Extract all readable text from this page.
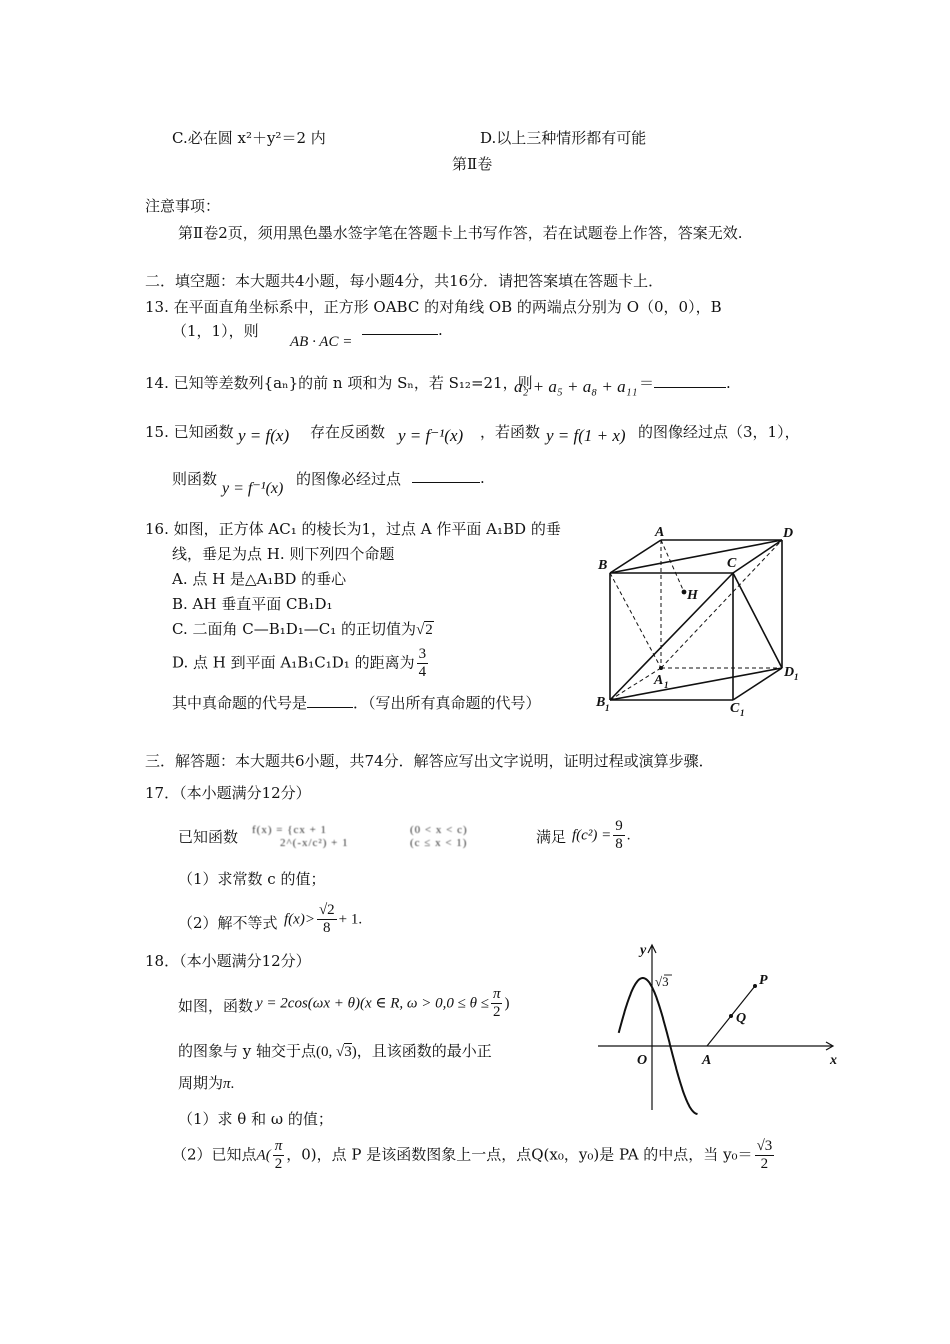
C.必在圆 x²＋y²＝2 内	D.以上三种情形都有可能
第Ⅱ卷
注意事项：
第Ⅱ卷2页，须用黑色墨水签字笔在答题卡上书写作答，若在试题卷上作答，答案无效.
二．填空题：本大题共4小题，每小题4分，共16分．请把答案填在答题卡上．
13. 在平面直角坐标系中，正方形 OABC 的对角线 OB 的两端点分别为 O（0，0），B
（1，1），则
AB · AC =
.
14. 已知等差数列{aₙ}的前 n 项和为 Sₙ，若 S₁₂=21，则
a₂ + a₅ + a₈ + a₁₁ ＝	.
15. 已知函数 y = f(x) 存在反函数 y = f⁻¹(x) ，若函数 y = f(1 + x) 的图像经过点（3，1），
则函数
y = f⁻¹(x)
的图像必经过点	.
16. 如图，正方体 AC₁ 的棱长为1，过点 A 作平面 A₁BD 的垂
线，垂足为点 H. 则下列四个命题
A. 点 H 是△A₁BD 的垂心
B. AH 垂直平面 CB₁D₁
C. 二面角 C—B₁D₁—C₁ 的正切值为√2
D. 点 H 到平面 A₁B₁C₁D₁ 的距离为 $\frac{3}{4}$
其中真命题的代号是	．（写出所有真命题的代号）
A
B	C
D
H
A 1
D 1
B 1	C 1
三．解答题：本大题共6小题，共74分．解答应写出文字说明，证明过程或演算步骤．
17．（本小题满分12分）
已知函数 f(x) = {cx + 1
2^(-x/c²) + 1
(0 < x < c)
(c ≤ x < 1)	满足 $f(c^2) = \frac{9}{8}$ .
（1）求常数 c 的值；
（2）解不等式 $f(x)> \frac{√2}{8} + 1$.
18．（本小题满分12分）
如图，函数 y = 2cos(ωx + θ)(x ∈ R, $\omega > 0,0 \le \theta \le \frac{\pi}{2}$ )
的图象与 y 轴交于点(0, √3)，且该函数的最小正
周期为π.
（1）求 θ 和 ω 的值；
（2）已知点$A( \frac{\pi}{2}$ ，0)，点 P 是该函数图象上一点，点Q(x₀，y₀)是 PA 的中点，当 $y_0= \frac{√3}{2}$
y
x
O	A
P
Q
√3
